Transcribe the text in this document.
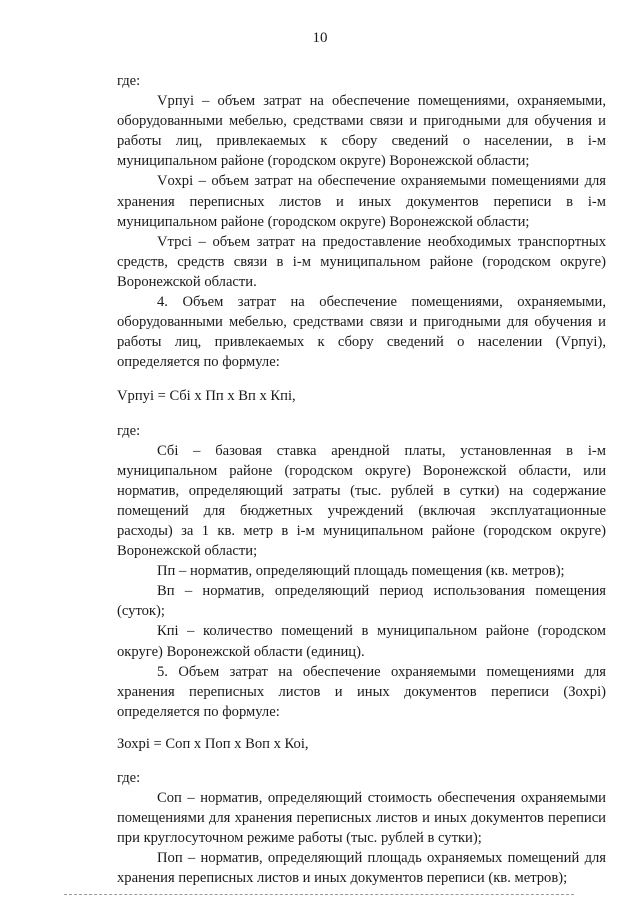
10

где:

Vpпуi – объем затрат на обеспечение помещениями, охраняемыми, оборудованными мебелью, средствами связи и пригодными для обучения и работы лиц, привлекаемых к сбору сведений о населении, в i-м муниципальном районе (городском округе) Воронежской области;

Vохрi – объем затрат на обеспечение охраняемыми помещениями для хранения переписных листов и иных документов переписи в i-м муниципальном районе (городском округе) Воронежской области;

Vтрсi – объем затрат на предоставление необходимых транспортных средств, средств связи в i-м муниципальном районе (городском округе) Воронежской области.

4. Объем затрат на обеспечение помещениями, охраняемыми, оборудованными мебелью, средствами связи и пригодными для обучения и работы лиц, привлекаемых к сбору сведений о населении (Vpпуi), определяется по формуле:

Vpпуi = Cбi x Пп x Вп x Кпi,

где:

Сбi – базовая ставка арендной платы, установленная в i-м муниципальном районе (городском округе) Воронежской области, или норматив, определяющий затраты (тыс. рублей в сутки) на содержание помещений для бюджетных учреждений (включая эксплуатационные расходы) за 1 кв. метр в i-м муниципальном районе (городском округе) Воронежской области;

Пп – норматив, определяющий площадь помещения (кв. метров);

Вп – норматив, определяющий период использования помещения (суток);

Кпi – количество помещений в муниципальном районе (городском округе) Воронежской области (единиц).

5. Объем затрат на обеспечение охраняемыми помещениями для хранения переписных листов и иных документов переписи (Зохрi) определяется по формуле:

Зохрi = Соп x Поп x Воп x Коi,

где:

Соп – норматив, определяющий стоимость обеспечения охраняемыми помещениями для хранения переписных листов и иных документов переписи при круглосуточном режиме работы (тыс. рублей в сутки);

Поп – норматив, определяющий площадь охраняемых помещений для хранения переписных листов и иных документов переписи (кв. метров);
